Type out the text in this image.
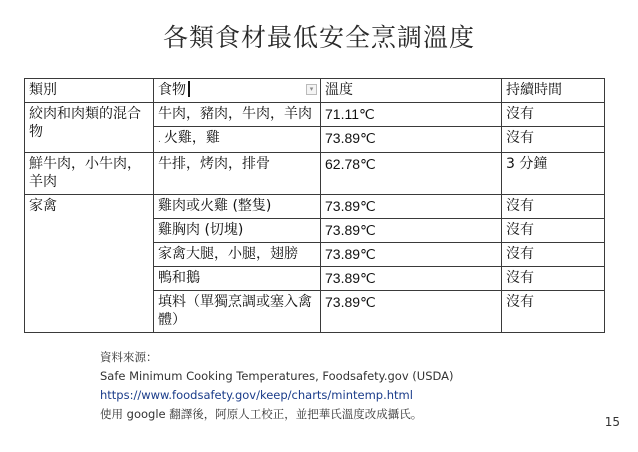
各類食材最低安全烹調溫度
類別	食物 ▾	溫度	持續時間
絞肉和肉類的混合物	牛肉，豬肉，牛肉，羊肉	71.11℃	沒有
	. 火雞，雞	73.89℃	沒有
鮮牛肉，小牛肉，羊肉	牛排，烤肉，排骨	62.78℃	3 分鐘
家禽	雞肉或火雞 (整隻)	73.89℃	沒有
	雞胸肉 (切塊)	73.89℃	沒有
	家禽大腿，小腿，翅膀	73.89℃	沒有
	鴨和鵝	73.89℃	沒有
	填料（單獨烹調或塞入禽體）	73.89℃	沒有
資料來源：
Safe Minimum Cooking Temperatures, Foodsafety.gov (USDA)
https://www.foodsafety.gov/keep/charts/mintemp.html
使用 google 翻譯後，阿原人工校正，並把華氏溫度改成攝氏。
15
